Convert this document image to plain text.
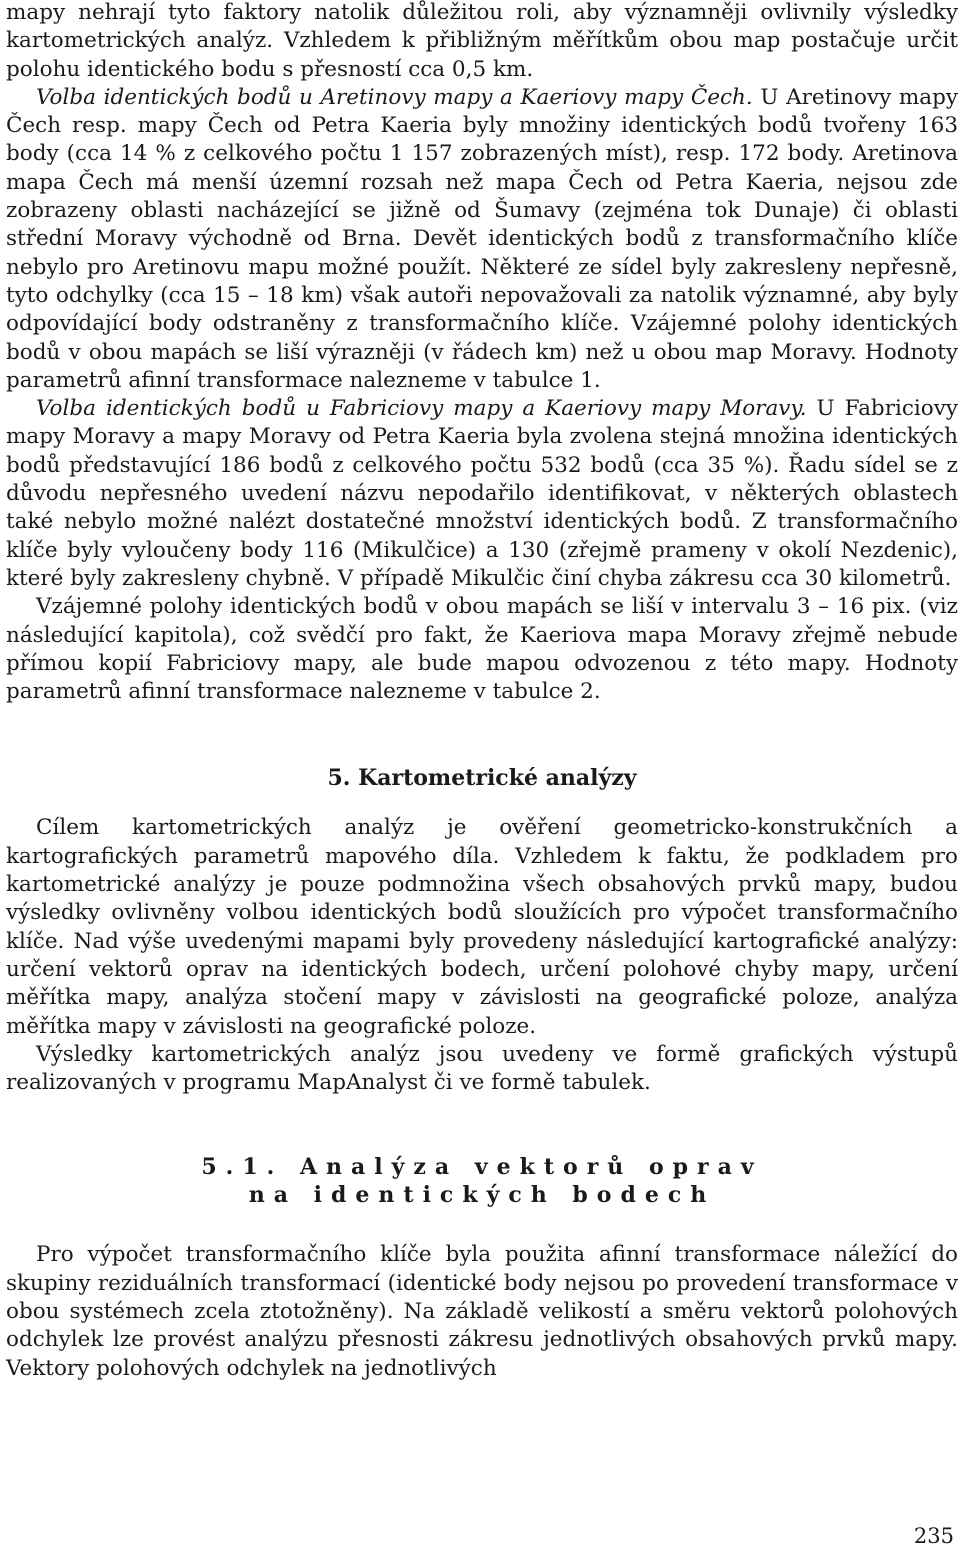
mapy nehrají tyto faktory natolik důležitou roli, aby významněji ovlivnily výsledky kartometrických analýz. Vzhledem k přibližným měřítkům obou map postačuje určit polohu identického bodu s přesností cca 0,5 km.

Volba identických bodů u Aretinovy mapy a Kaeriovy mapy Čech. U Aretinovy mapy Čech resp. mapy Čech od Petra Kaeria byly množiny identických bodů tvořeny 163 body (cca 14 % z celkového počtu 1 157 zobrazených míst), resp. 172 body. Aretinova mapa Čech má menší územní rozsah než mapa Čech od Petra Kaeria, nejsou zde zobrazeny oblasti nacházející se jižně od Šumavy (zejména tok Dunaje) či oblasti střední Moravy východně od Brna. Devět identických bodů z transformačního klíče nebylo pro Aretinovu mapu možné použít. Některé ze sídel byly zakresleny nepřesně, tyto odchylky (cca 15 – 18 km) však autoři nepovažovali za natolik významné, aby byly odpovídající body odstraněny z transformačního klíče. Vzájemné polohy identických bodů v obou mapách se liší výrazněji (v řádech km) než u obou map Moravy. Hodnoty parametrů afinní transformace nalezneme v tabulce 1.

Volba identických bodů u Fabriciovy mapy a Kaeriovy mapy Moravy. U Fabriciovy mapy Moravy a mapy Moravy od Petra Kaeria byla zvolena stejná množina identických bodů představující 186 bodů z celkového počtu 532 bodů (cca 35 %). Řadu sídel se z důvodu nepřesného uvedení názvu nepodařilo identifikovat, v některých oblastech také nebylo možné nalézt dostatečné množství identických bodů. Z transformačního klíče byly vyloučeny body 116 (Mikulčice) a 130 (zřejmě prameny v okolí Nezdenic), které byly zakresleny chybně. V případě Mikulčic činí chyba zákresu cca 30 kilometrů.

Vzájemné polohy identických bodů v obou mapách se liší v intervalu 3 – 16 pix. (viz následující kapitola), což svědčí pro fakt, že Kaeriova mapa Moravy zřejmě nebude přímou kopií Fabriciovy mapy, ale bude mapou odvozenou z této mapy. Hodnoty parametrů afinní transformace nalezneme v tabulce 2.

5. Kartometrické analýzy

Cílem kartometrických analýz je ověření geometricko-konstrukčních a kartografických parametrů mapového díla. Vzhledem k faktu, že podkladem pro kartometrické analýzy je pouze podmnožina všech obsahových prvků mapy, budou výsledky ovlivněny volbou identických bodů sloužících pro výpočet transformačního klíče. Nad výše uvedenými mapami byly provedeny následující kartografické analýzy: určení vektorů oprav na identických bodech, určení polohové chyby mapy, určení měřítka mapy, analýza stočení mapy v závislosti na geografické poloze, analýza měřítka mapy v závislosti na geografické poloze.

Výsledky kartometrických analýz jsou uvedeny ve formě grafických výstupů realizovaných v programu MapAnalyst či ve formě tabulek.

5.1. Analýza vektorů oprav
na identických bodech

Pro výpočet transformačního klíče byla použita afinní transformace náležící do skupiny reziduálních transformací (identické body nejsou po provedení transformace v obou systémech zcela ztotožněny). Na základě velikostí a směru vektorů polohových odchylek lze provést analýzu přesnosti zákresu jednotlivých obsahových prvků mapy. Vektory polohových odchylek na jednotlivých

235
